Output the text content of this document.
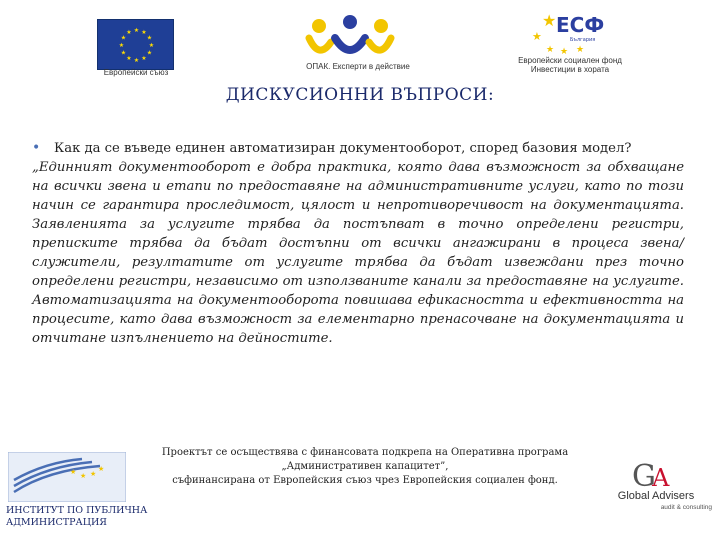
★ ★
★
★
★
★
★
★
★
★
★
★
Европейски съюз
ОПАК. Експерти в действие
★
★
★ ★ ★
ЕСФ
България
Европейски социален фонд
Инвестиции в хората
ДИСКУСИОННИ ВЪПРОСИ:
• Как да се въведе единен автоматизиран документооборот, според базовия модел?
„Единният документооборот е добра практика, която дава възможност за обхващане на всички звена и етапи по предоставяне на административните услуги, като по този начин се гарантира проследимост, цялост и непротиворечивост на документацията. Заявленията за услугите трябва да постъпват в точно определени регистри, преписките трябва да бъдат достъпни от всички ангажирани в процеса звена/служители, резултатите от услугите трябва да бъдат извеждани през точно определени регистри, независимо от използваните канали за предоставяне на услугите. Автоматизацията на документооборота повишава ефикасността и ефективността на процесите, като дава възможност за елементарно пренасочване на документацията и отчитане изпълнението на дейностите.
★ ★ ★
★
ИНСТИТУТ ПО ПУБЛИЧНА
АДМИНИСТРАЦИЯ
Проектът се осъществява с финансовата подкрепа на Оперативна програма
„Административен капацитет”,
съфинансирана от Европейския съюз чрез Европейския социален фонд.	G
A
Global Advisers
audit & consulting
